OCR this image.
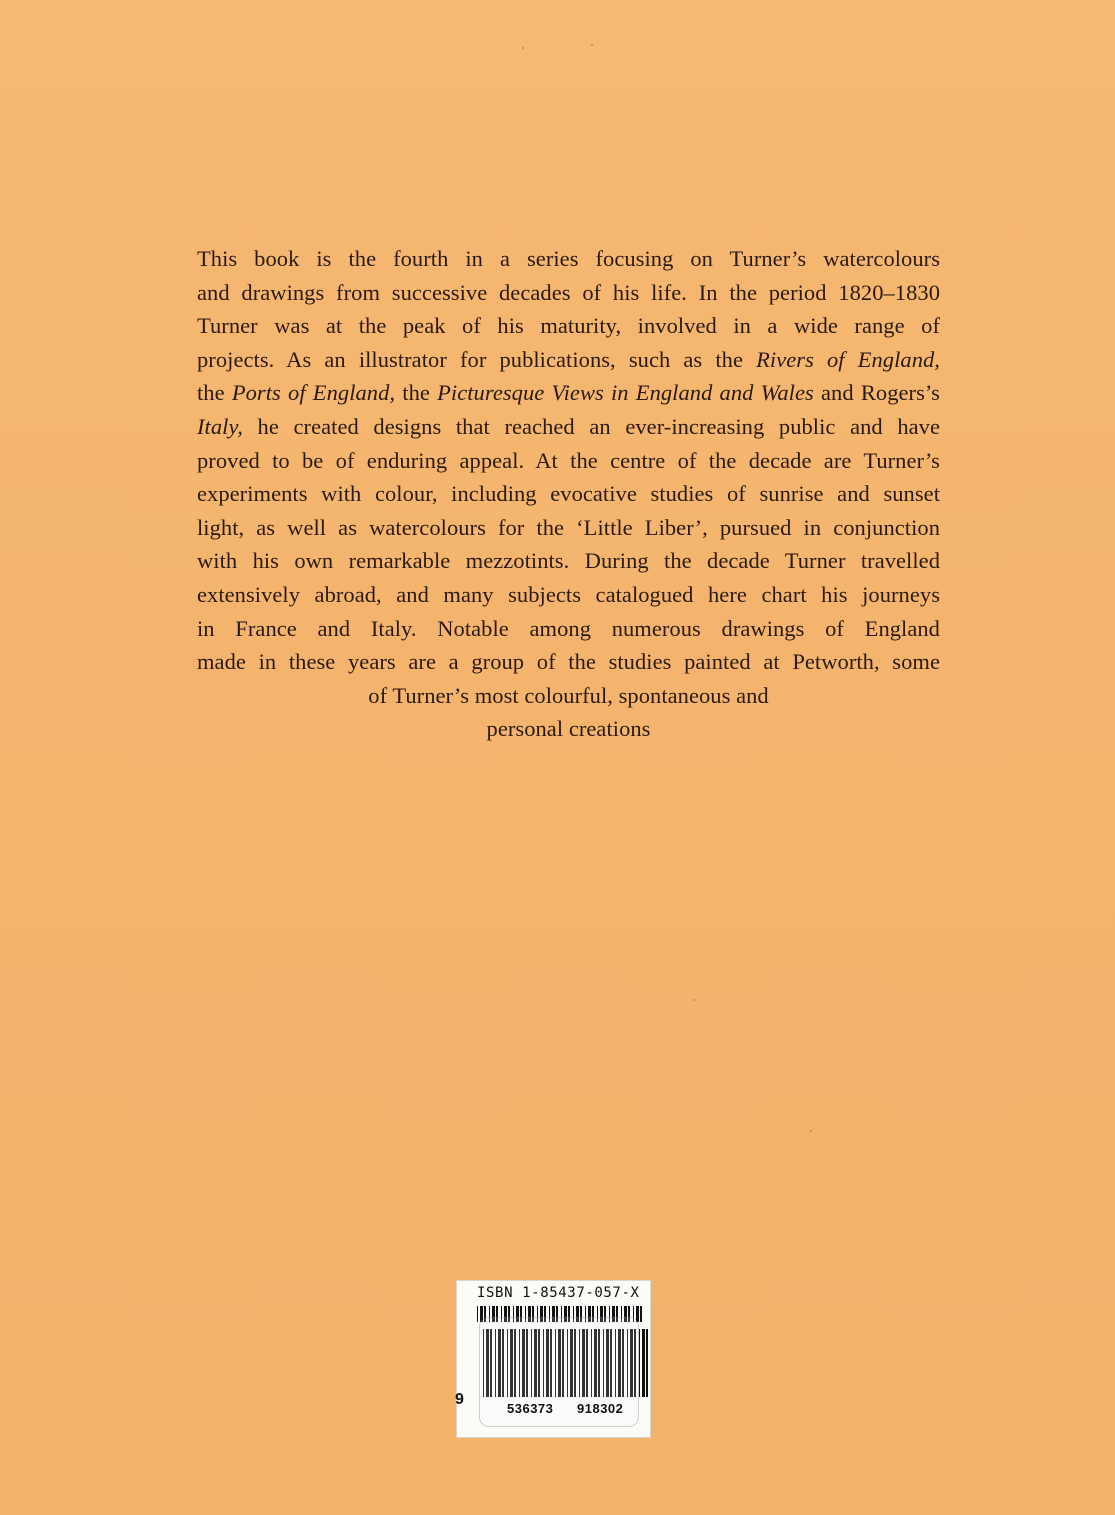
This book is the fourth in a series focusing on Turner’s watercolours
and drawings from successive decades of his life. In the period 1820–1830
Turner was at the peak of his maturity, involved in a wide range of
projects. As an illustrator for publications, such as the Rivers of England,
the Ports of England, the Picturesque Views in England and Wales and Rogers’s
Italy, he created designs that reached an ever-increasing public and have
proved to be of enduring appeal. At the centre of the decade are Turner’s
experiments with colour, including evocative studies of sunrise and sunset
light, as well as watercolours for the ‘Little Liber’, pursued in conjunction
with his own remarkable mezzotints. During the decade Turner travelled
extensively abroad, and many subjects catalogued here chart his journeys
in France and Italy. Notable among numerous drawings of England
made in these years are a group of the studies painted at Petworth, some
of Turner’s most colourful, spontaneous and
personal creations
ISBN 1-85437-057-X
9
536373 918302
